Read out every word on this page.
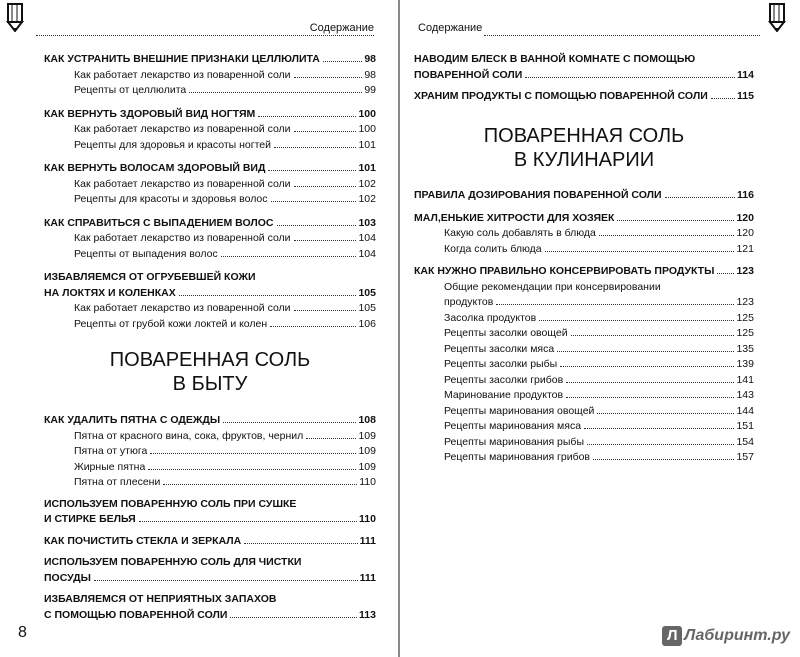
Содержание
КАК УСТРАНИТЬ ВНЕШНИЕ ПРИЗНАКИ ЦЕЛЛЮЛИТА	98
Как работает лекарство из поваренной соли	98
Рецепты от целлюлита	99
КАК ВЕРНУТЬ ЗДОРОВЫЙ ВИД НОГТЯМ	100
Как работает лекарство из поваренной соли	100
Рецепты для здоровья и красоты ногтей	101
КАК ВЕРНУТЬ ВОЛОСАМ ЗДОРОВЫЙ ВИД	101
Как работает лекарство из поваренной соли	102
Рецепты для красоты и здоровья волос	102
КАК СПРАВИТЬСЯ С ВЫПАДЕНИЕМ ВОЛОС	103
Как работает лекарство из поваренной соли	104
Рецепты от выпадения волос	104
ИЗБАВЛЯЕМСЯ ОТ ОГРУБЕВШЕЙ КОЖИ
НА ЛОКТЯХ И КОЛЕНКАХ	105
Как работает лекарство из поваренной соли	105
Рецепты от грубой кожи локтей и колен	106
ПОВАРЕННАЯ СОЛЬ
В БЫТУ
КАК УДАЛИТЬ ПЯТНА С ОДЕЖДЫ	108
Пятна от красного вина, сока, фруктов, чернил	109
Пятна от утюга	109
Жирные пятна	109
Пятна от плесени	110
ИСПОЛЬЗУЕМ ПОВАРЕННУЮ СОЛЬ ПРИ СУШКЕ
И СТИРКЕ БЕЛЬЯ	110
КАК ПОЧИСТИТЬ СТЕКЛА И ЗЕРКАЛА	111
ИСПОЛЬЗУЕМ ПОВАРЕННУЮ СОЛЬ ДЛЯ ЧИСТКИ
ПОСУДЫ	111
ИЗБАВЛЯЕМСЯ ОТ НЕПРИЯТНЫХ ЗАПАХОВ
С ПОМОЩЬЮ ПОВАРЕННОЙ СОЛИ	113
8
Содержание
НАВОДИМ БЛЕСК В ВАННОЙ КОМНАТЕ С ПОМОЩЬЮ
ПОВАРЕННОЙ СОЛИ	114
ХРАНИМ ПРОДУКТЫ С ПОМОЩЬЮ ПОВАРЕННОЙ СОЛИ	115
ПОВАРЕННАЯ СОЛЬ
В КУЛИНАРИИ
ПРАВИЛА ДОЗИРОВАНИЯ ПОВАРЕННОЙ СОЛИ	116
МАЛ,ЕНЬКИЕ ХИТРОСТИ ДЛЯ ХОЗЯЕК	120
Какую соль добавлять в блюда	120
Когда солить блюда	121
КАК НУЖНО ПРАВИЛЬНО КОНСЕРВИРОВАТЬ ПРОДУКТЫ 123
Общие рекомендации при консервировании
продуктов	123
Засолка продуктов	125
Рецепты засолки овощей	125
Рецепты засолки мяса	135
Рецепты засолки рыбы	139
Рецепты засолки грибов	141
Маринование продуктов	143
Рецепты маринования овощей	144
Рецепты маринования мяса	151
Рецепты маринования рыбы	154
Рецепты маринования грибов	157
Л Лабиринт.ру
